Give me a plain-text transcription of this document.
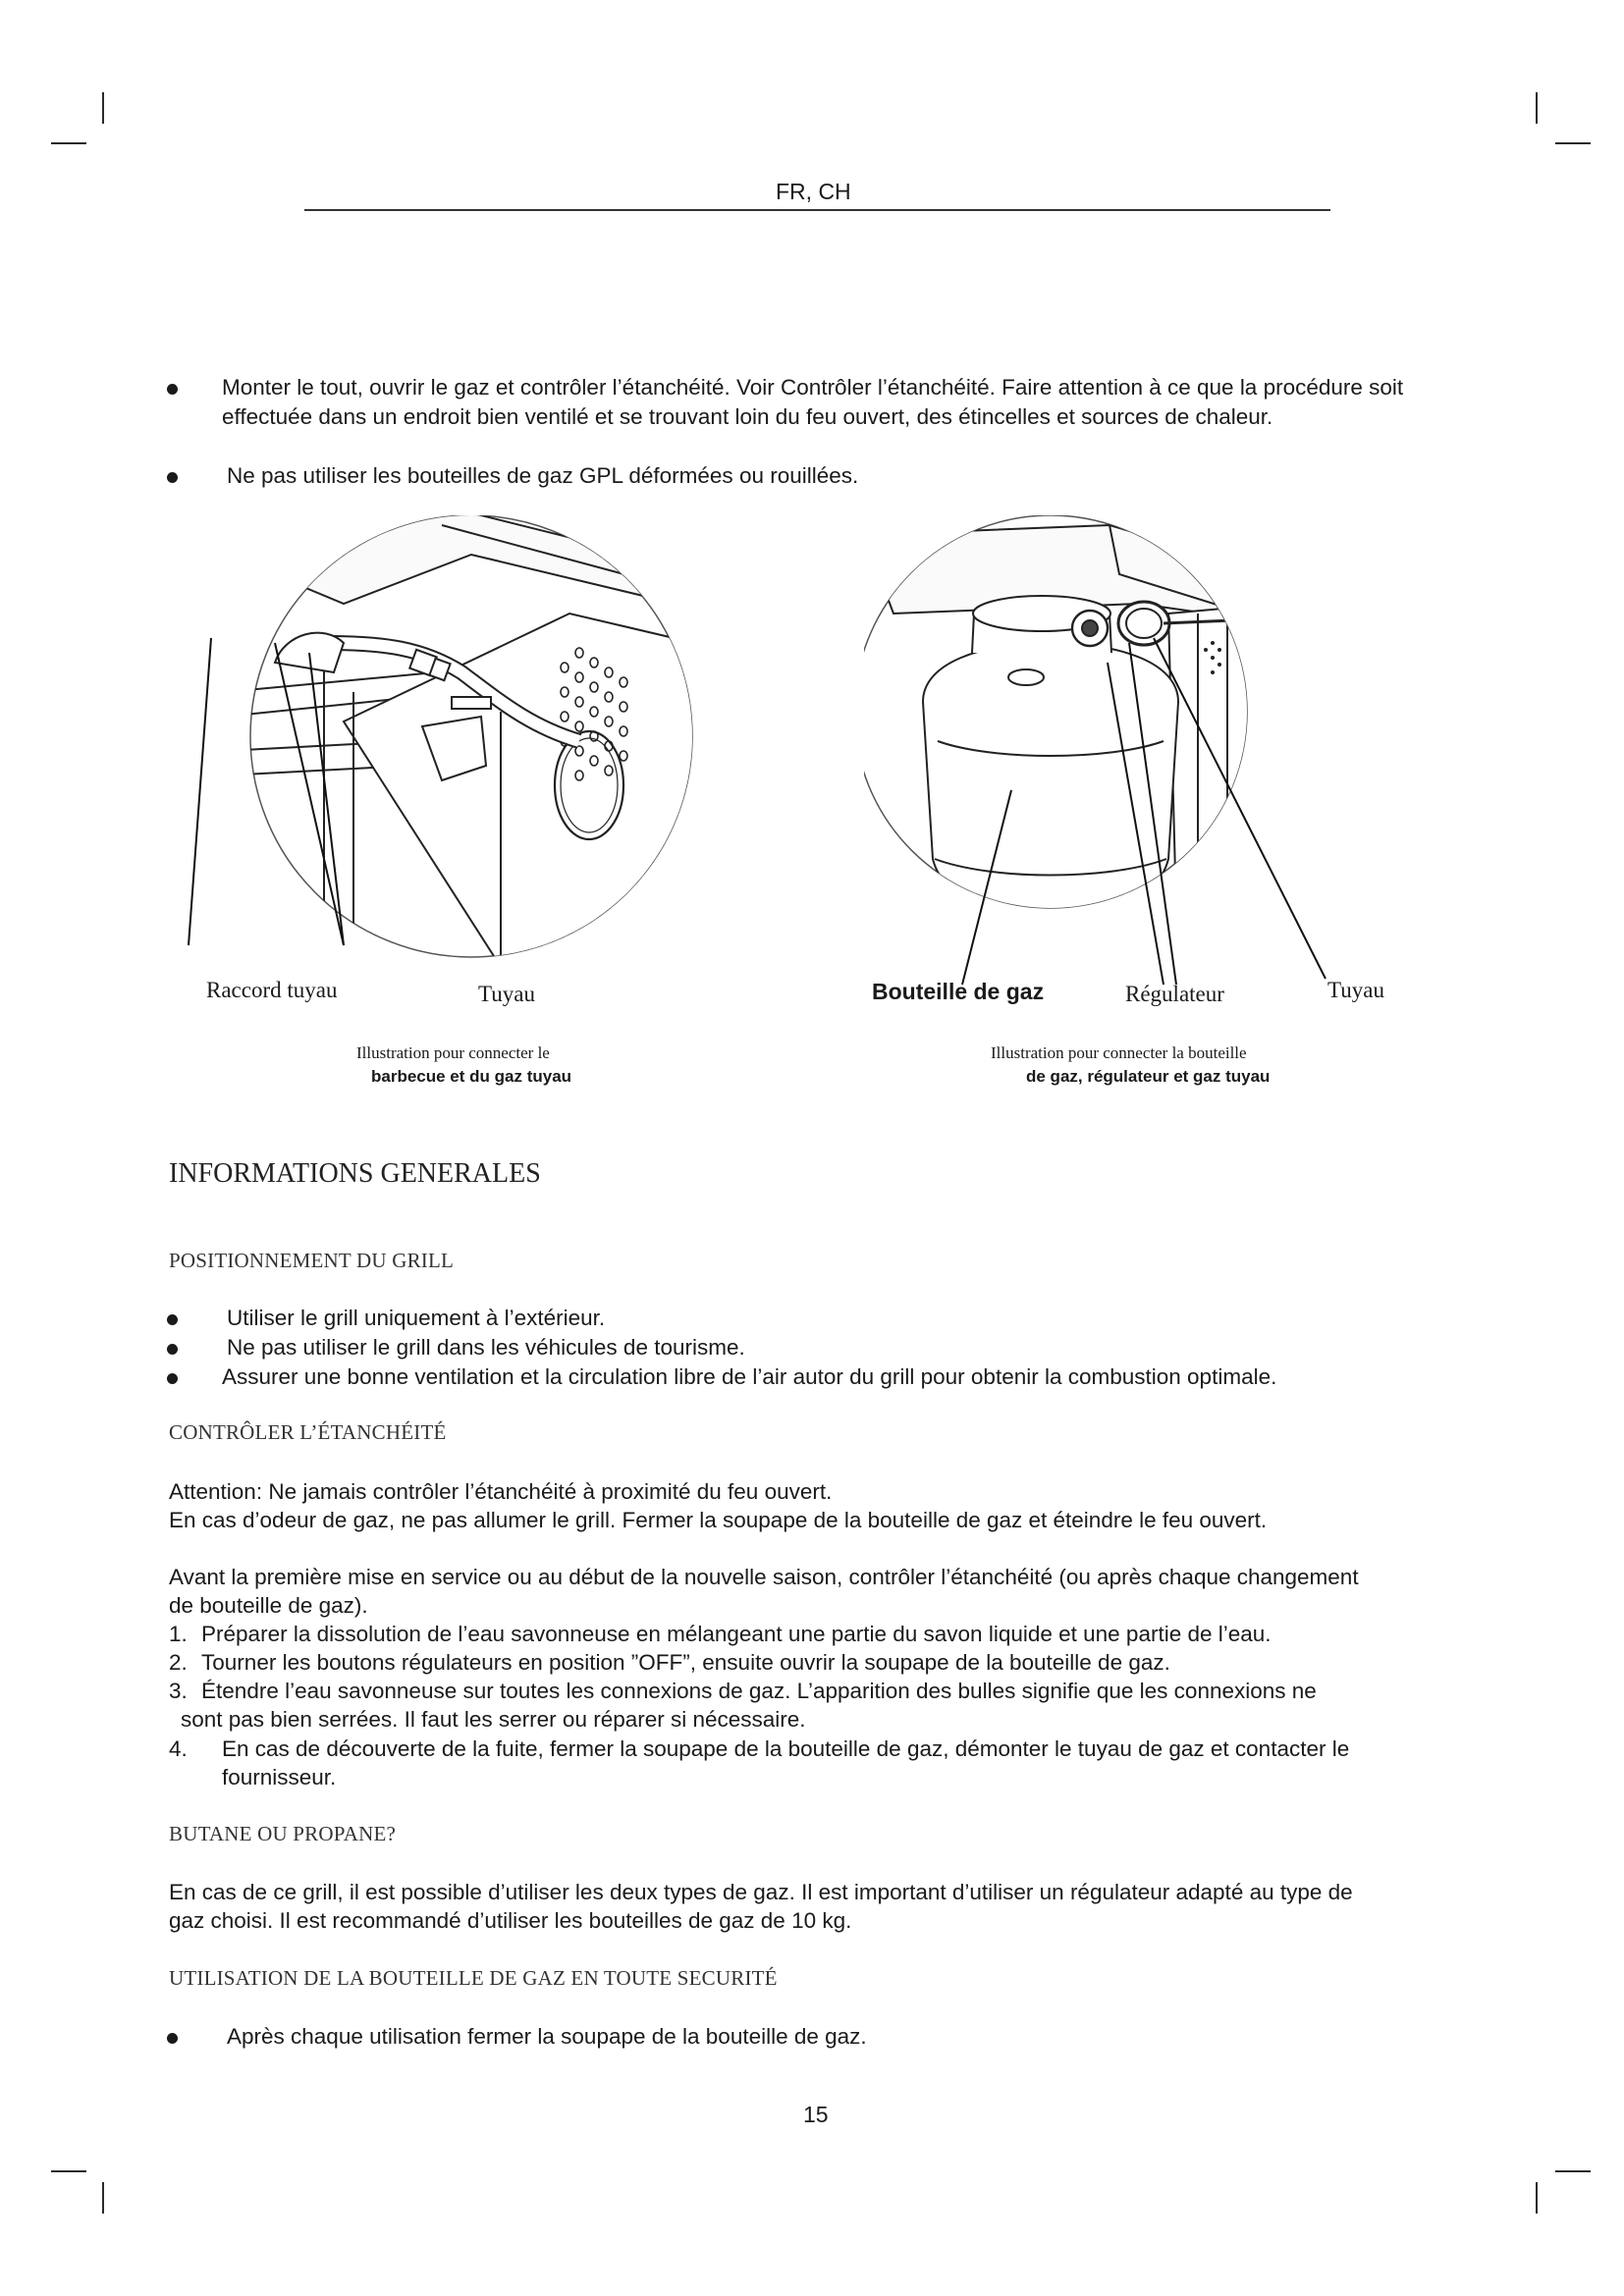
FR, CH
Monter le tout, ouvrir le gaz et contrôler l’étanchéité. Voir Contrôler l’étanchéité. Faire attention à ce que la procédure soit effectuée dans un endroit bien ventilé et se trouvant loin du feu ouvert, des étincelles et sources de chaleur.
Ne pas utiliser les bouteilles de gaz GPL déformées ou rouillées.
Raccord tuyau	Tuyau
Illustration pour connecter le
barbecue et du gaz tuyau
Bouteille de gaz	Régulateur	Tuyau
Illustration pour connecter la bouteille
de gaz, régulateur et gaz tuyau
INFORMATIONS GENERALES
POSITIONNEMENT DU GRILL
Utiliser le grill uniquement à l’extérieur.
Ne pas utiliser le grill dans les véhicules de tourisme.
Assurer une bonne ventilation et la circulation libre de l’air autor du grill pour obtenir la combustion optimale.
CONTRÔLER L’ÉTANCHÉITÉ
Attention: Ne jamais contrôler l’étanchéité à proximité du feu ouvert.
En cas d’odeur de gaz, ne pas allumer le grill. Fermer la soupape de la bouteille de gaz et éteindre le feu ouvert.
Avant la première mise en service ou au début de la nouvelle saison, contrôler l’étanchéité (ou après chaque changement
de bouteille de gaz).
1. Préparer la dissolution de l’eau savonneuse en mélangeant une partie du savon liquide et une partie de l’eau.
2. Tourner les boutons régulateurs en position ”OFF”, ensuite ouvrir la soupape de la bouteille de gaz.
3. Étendre l’eau savonneuse sur toutes les connexions de gaz. L’apparition des bulles signifie que les connexions ne
sont pas bien serrées. Il faut les serrer ou réparer si nécessaire.
4.	En cas de découverte de la fuite, fermer la soupape de la bouteille de gaz, démonter le tuyau de gaz et contacter le
fournisseur.
BUTANE OU PROPANE?
En cas de ce grill, il est possible d’utiliser les deux types de gaz. Il est important d’utiliser un régulateur adapté au type de
gaz choisi. Il est recommandé d’utiliser les bouteilles de gaz de 10 kg.
UTILISATION DE LA BOUTEILLE DE GAZ EN TOUTE SECURITÉ
Après chaque utilisation fermer la soupape de la bouteille de gaz.
15
